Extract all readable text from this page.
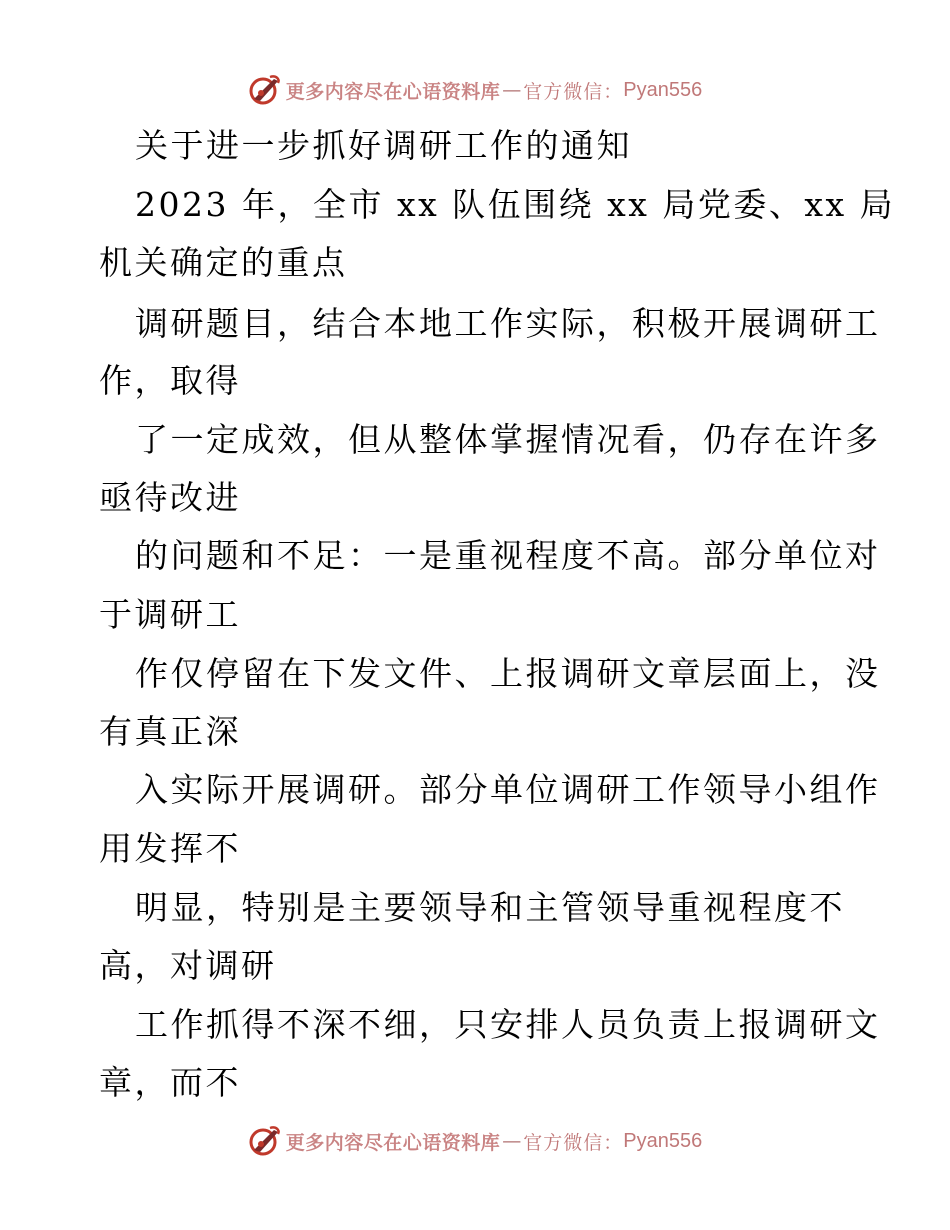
更多内容尽在心语资料库 — 官方微信： Pyan556
关于进一步抓好调研工作的通知
2023 年，全市 xx 队伍围绕 xx 局党委、xx 局
机关确定的重点
调研题目，结合本地工作实际，积极开展调研工
作，取得
了一定成效，但从整体掌握情况看，仍存在许多
亟待改进
的问题和不足：一是重视程度不高。部分单位对
于调研工
作仅停留在下发文件、上报调研文章层面上，没
有真正深
入实际开展调研。部分单位调研工作领导小组作
用发挥不
明显，特别是主要领导和主管领导重视程度不
高，对调研
工作抓得不深不细，只安排人员负责上报调研文
章，而不
更多内容尽在心语资料库 — 官方微信： Pyan556
